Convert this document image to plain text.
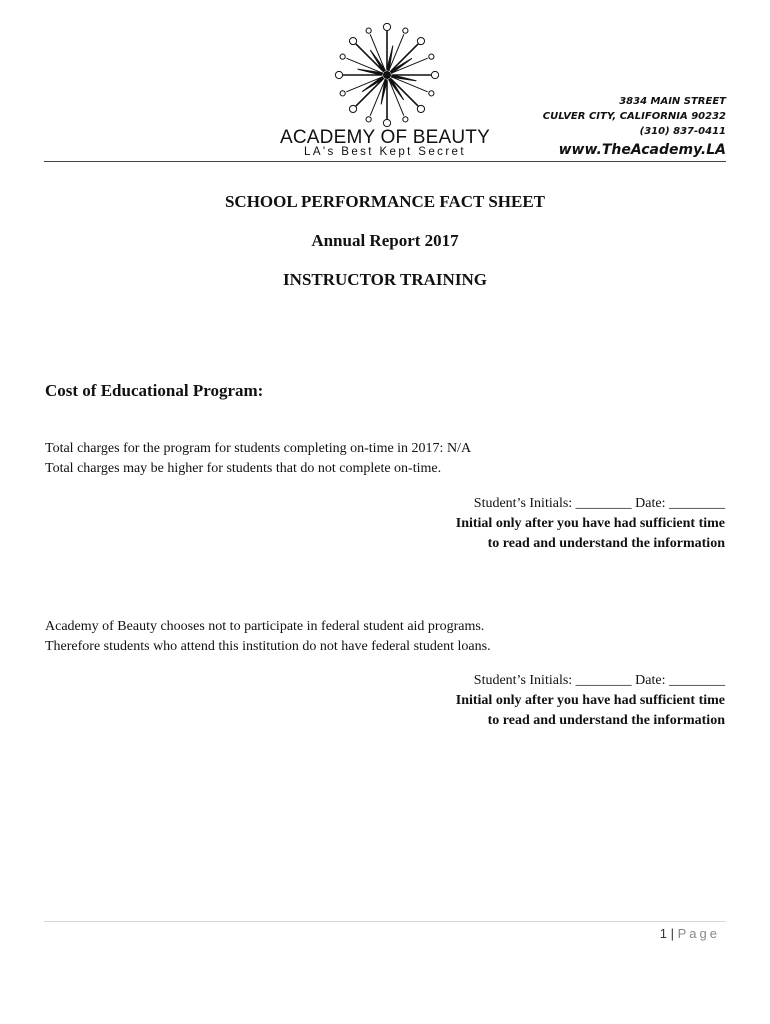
ACADEMY OF BEAUTY
LA's Best Kept Secret
3834 MAIN STREET
CULVER CITY, CALIFORNIA 90232
(310) 837-0411
www.TheAcademy.LA
SCHOOL PERFORMANCE FACT SHEET
Annual Report 2017
INSTRUCTOR TRAINING
Cost of Educational Program:
Total charges for the program for students completing on-time in 2017: N/A
Total charges may be higher for students that do not complete on-time.
Student’s Initials: ________ Date: ________
Initial only after you have had sufficient time
to read and understand the information
Academy of Beauty chooses not to participate in federal student aid programs.
Therefore students who attend this institution do not have federal student loans.
Student’s Initials: ________ Date: ________
Initial only after you have had sufficient time
to read and understand the information
1 | Page
